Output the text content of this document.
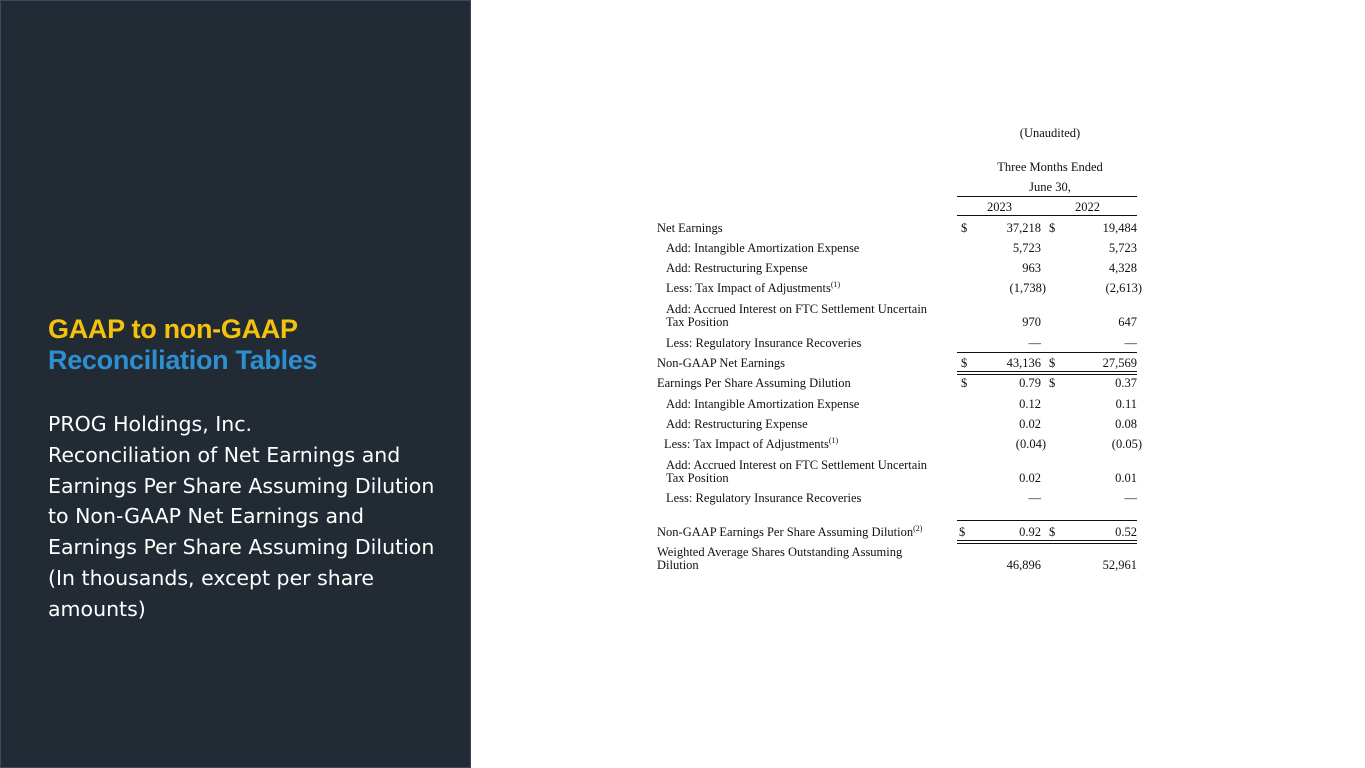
GAAP to non-GAAP
Reconciliation Tables
PROG Holdings, Inc.
Reconciliation of Net Earnings and
Earnings Per Share Assuming Dilution
to Non-GAAP Net Earnings and
Earnings Per Share Assuming Dilution
(In thousands, except per share
amounts)
(Unaudited)
Three Months Ended
June 30,
2023	2022
Net Earnings	$	37,218 $	19,484
Add: Intangible Amortization Expense	5,723	5,723
Add: Restructuring Expense	963	4,328
Less: Tax Impact of Adjustments$^{(1)}$	(1,738)	(2,613)
Add: Accrued Interest on FTC Settlement Uncertain
Tax Position	970	647
Less: Regulatory Insurance Recoveries	—	—
Non-GAAP Net Earnings	$	43,136 $	27,569
Earnings Per Share Assuming Dilution	$	0.79 $	0.37
Add: Intangible Amortization Expense	0.12	0.11
Add: Restructuring Expense	0.02	0.08
Less: Tax Impact of Adjustments$^{(1)}$	(0.04)	(0.05)
Add: Accrued Interest on FTC Settlement Uncertain
Tax Position	0.02	0.01
Less: Regulatory Insurance Recoveries	—	—
Non-GAAP Earnings Per Share Assuming Dilution$^{(2)}$	$	0.92 $	0.52
Weighted Average Shares Outstanding Assuming
Dilution	46,896	52,961
